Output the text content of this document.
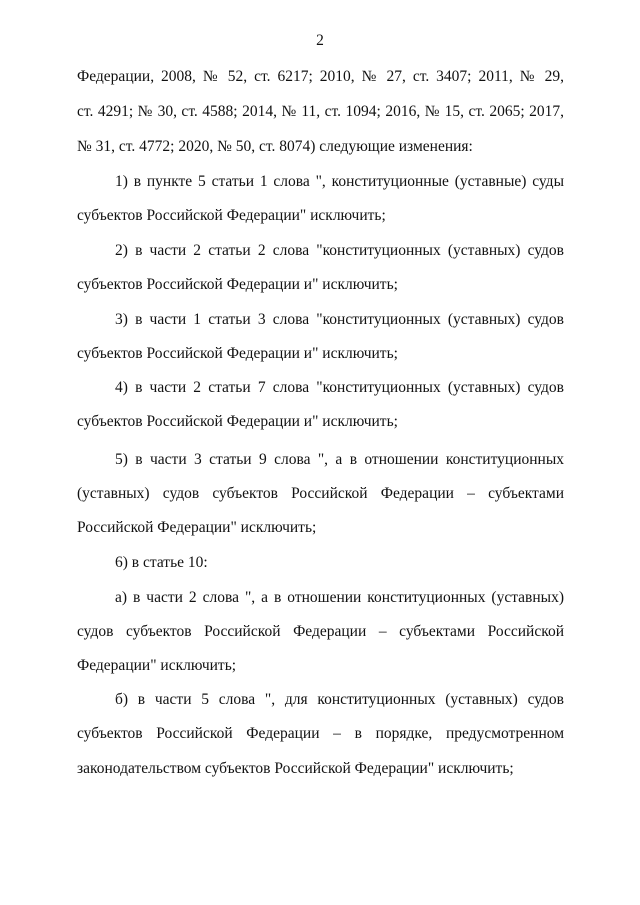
2
Федерации, 2008, № 52, ст. 6217; 2010, № 27, ст. 3407; 2011, № 29,
ст. 4291; № 30, ст. 4588; 2014, № 11, ст. 1094; 2016, № 15, ст. 2065; 2017,
№ 31, ст. 4772; 2020, № 50, ст. 8074) следующие изменения:
1) в пункте 5 статьи 1 слова ", конституционные (уставные) суды
субъектов Российской Федерации" исключить;
2) в части 2 статьи 2 слова "конституционных (уставных) судов
субъектов Российской Федерации и" исключить;
3) в части 1 статьи 3 слова "конституционных (уставных) судов
субъектов Российской Федерации и" исключить;
4) в части 2 статьи 7 слова "конституционных (уставных) судов
субъектов Российской Федерации и" исключить;
5) в части 3 статьи 9 слова ", а в отношении конституционных
(уставных) судов субъектов Российской Федерации – субъектами
Российской Федерации" исключить;
6) в статье 10:
а) в части 2 слова ", а в отношении конституционных (уставных)
судов субъектов Российской Федерации – субъектами Российской
Федерации" исключить;
б) в части 5 слова ", для конституционных (уставных) судов
субъектов Российской Федерации – в порядке, предусмотренном
законодательством субъектов Российской Федерации" исключить;
